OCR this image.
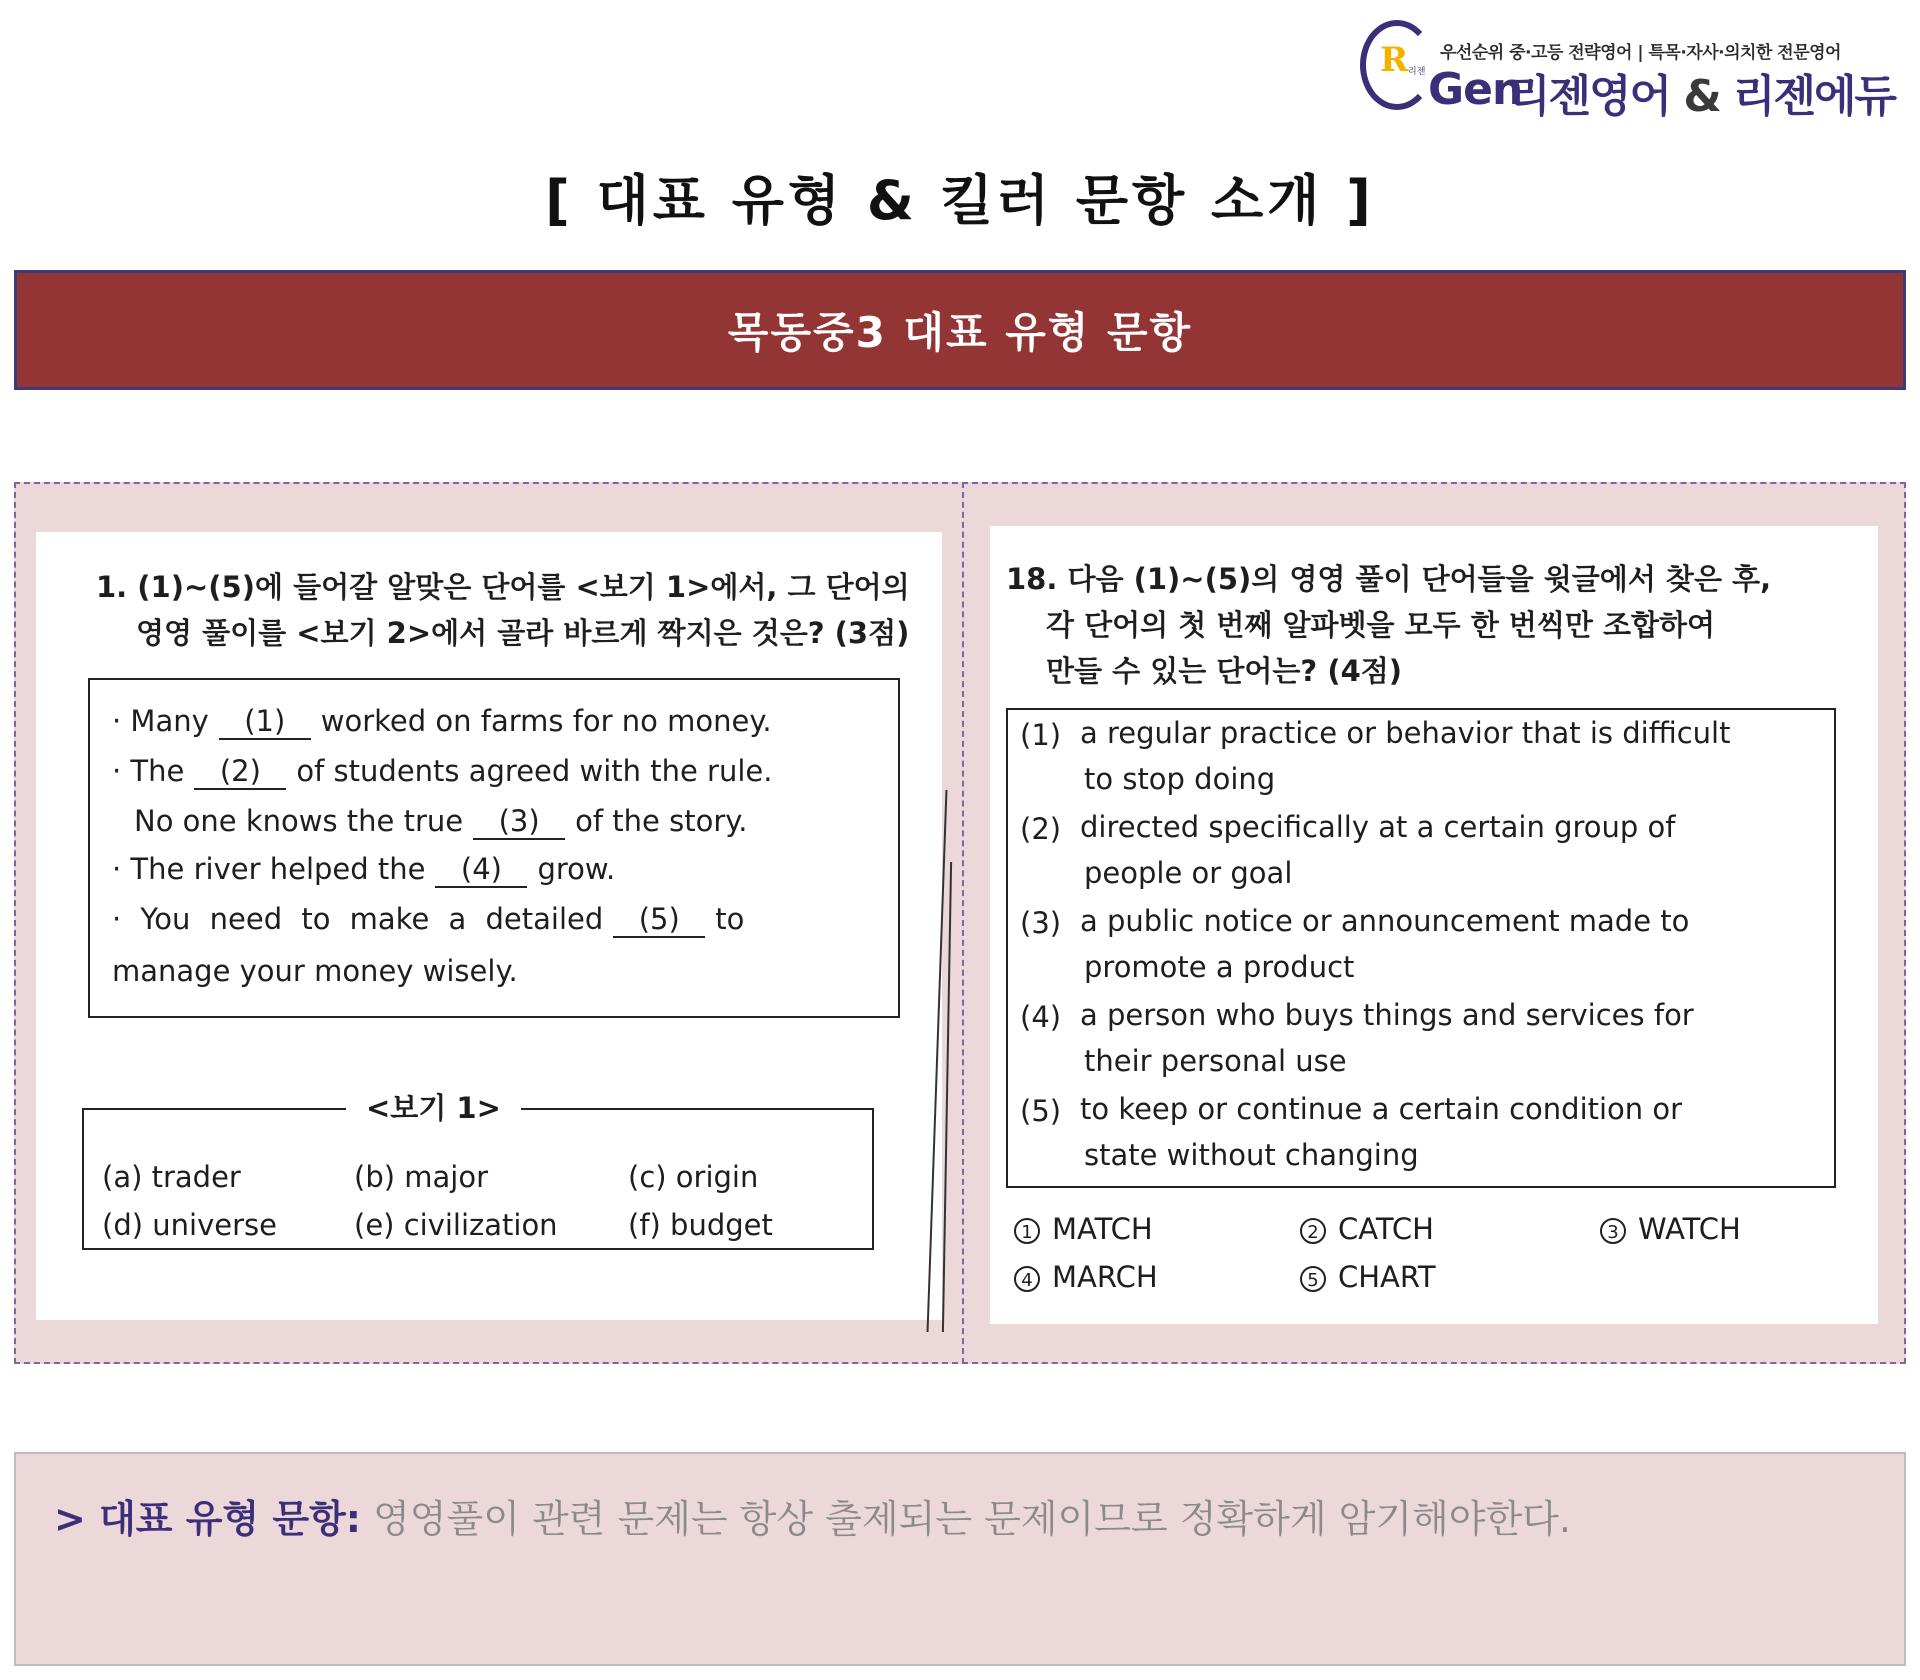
R 리젠 Gen
우선순위 중·고등 전략영어 | 특목·자사·의치한 전문영어
리젠영어 & 리젠에듀
[ 대표 유형 & 킬러 문항 소개 ]
목동중3 대표 유형 문항
1. (1)~(5)에 들어갈 알맞은 단어를 <보기 1>에서, 그 단어의
영영 풀이를 <보기 2>에서 골라 바르게 짝지은 것은? (3점)
· Many (1) worked on farms for no money.
· The (2) of students agreed with the rule.
No one knows the true (3) of the story.
· The river helped the (4) grow.
· You need to make a detailed (5) to
manage your money wisely.
<보기 1>
(a) trader	(b) major	(c) origin
(d) universe	(e) civilization (f) budget
18. 다음 (1)~(5)의 영영 풀이 단어들을 윗글에서 찾은 후,
각 단어의 첫 번째 알파벳을 모두 한 번씩만 조합하여
만들 수 있는 단어는? (4점)
(1) a regular practice or behavior that is difficult
to stop doing
(2) directed specifically at a certain group of
people or goal
(3) a public notice or announcement made to
promote a product
(4) a person who buys things and services for
their personal use
(5) to keep or continue a certain condition or
state without changing
1 MATCH	2 CATCH	3 WATCH
4 MARCH	5 CHART
> 대표 유형 문항: 영영풀이 관련 문제는 항상 출제되는 문제이므로 정확하게 암기해야한다.
